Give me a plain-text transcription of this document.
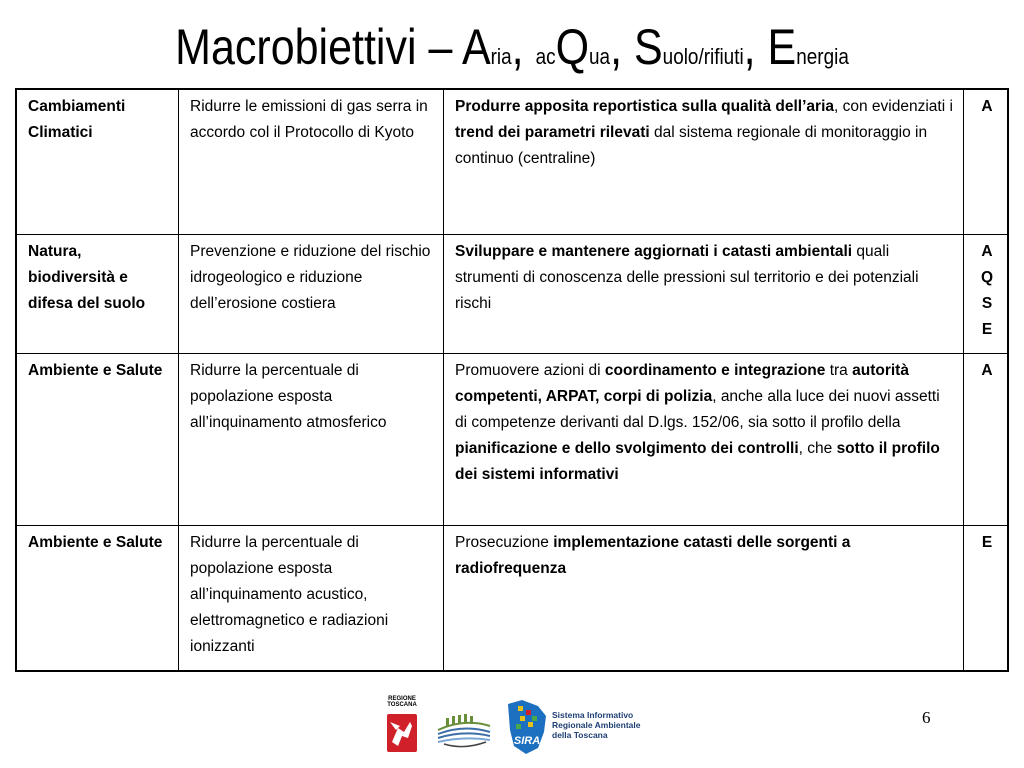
Macrobiettivi – Aria, acQua, Suolo/rifiuti, Energia
Cambiamenti Climatici	Ridurre le emissioni di gas serra in accordo col il Protocollo di Kyoto	Produrre apposita reportistica sulla qualità dell’aria, con evidenziati i trend dei parametri rilevati dal sistema regionale di monitoraggio in continuo (centraline)	A

Natura, biodiversità e difesa del suolo	Prevenzione e riduzione del rischio idrogeologico e riduzione dell’erosione costiera	Sviluppare e mantenere aggiornati i catasti ambientali quali strumenti di conoscenza delle pressioni sul territorio e dei potenziali rischi	A
Q
S
E

Ambiente e Salute	Ridurre la percentuale di popolazione esposta all’inquinamento atmosferico	Promuovere azioni di coordinamento e integrazione tra autorità competenti, ARPAT, corpi di polizia, anche alla luce dei nuovi assetti di competenze derivanti dal D.lgs. 152/06, sia sotto il profilo della pianificazione e dello svolgimento dei controlli, che sotto il profilo dei sistemi informativi	A

Ambiente e Salute	Ridurre la percentuale di popolazione esposta all’inquinamento acustico, elettromagnetico e radiazioni ionizzanti	Prosecuzione implementazione catasti delle sorgenti a radiofrequenza	E
REGIONE TOSCANA
SIRA
Sistema Informativo
Regionale Ambientale
della Toscana
6
